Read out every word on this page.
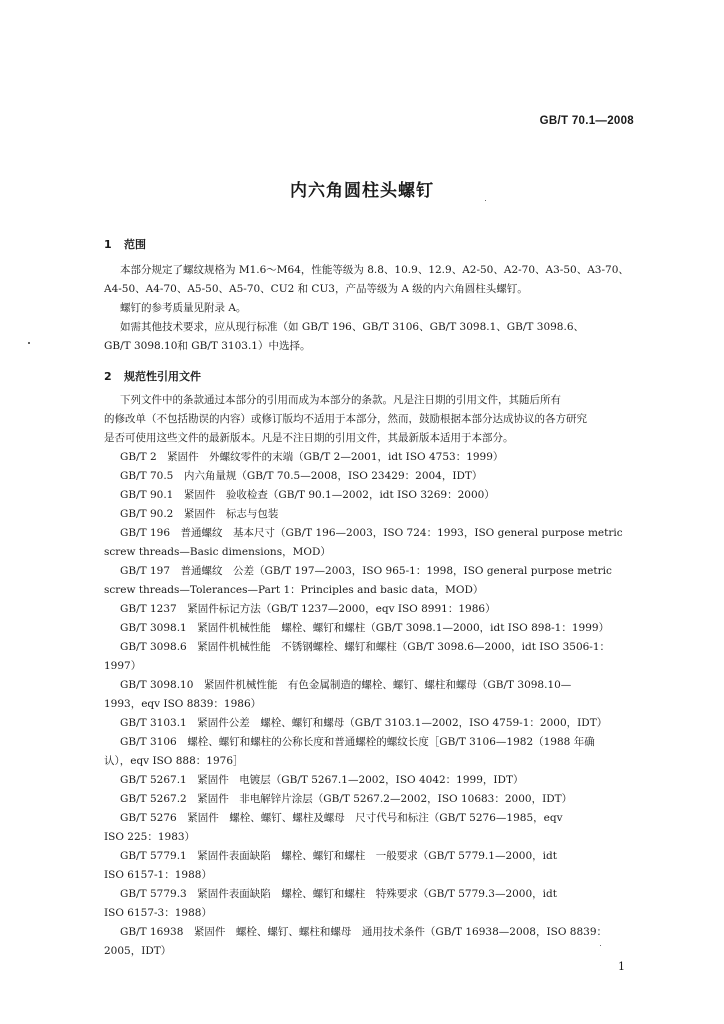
GB/T 70.1—2008
内六角圆柱头螺钉
1 范围
本部分规定了螺纹规格为 M1.6～M64，性能等级为 8.8、10.9、12.9、A2-50、A2-70、A3-50、A3-70、
A4-50、A4-70、A5-50、A5-70、CU2 和 CU3，产品等级为 A 级的内六角圆柱头螺钉。
螺钉的参考质量见附录 A。
如需其他技术要求，应从现行标准（如 GB/T 196、GB/T 3106、GB/T 3098.1、GB/T 3098.6、
GB/T 3098.10和 GB/T 3103.1）中选择。
2 规范性引用文件
下列文件中的条款通过本部分的引用而成为本部分的条款。凡是注日期的引用文件，其随后所有
的修改单（不包括勘误的内容）或修订版均不适用于本部分，然而，鼓励根据本部分达成协议的各方研究
是否可使用这些文件的最新版本。凡是不注日期的引用文件，其最新版本适用于本部分。
GB/T 2　紧固件　外螺纹零件的末端（GB/T 2—2001，idt ISO 4753：1999）
GB/T 70.5　内六角量规（GB/T 70.5—2008，ISO 23429：2004，IDT）
GB/T 90.1　紧固件　验收检查（GB/T 90.1—2002，idt ISO 3269：2000）
GB/T 90.2　紧固件　标志与包装
GB/T 196　普通螺纹　基本尺寸（GB/T 196—2003，ISO 724：1993，ISO general purpose metric
screw threads—Basic dimensions，MOD）
GB/T 197　普通螺纹　公差（GB/T 197—2003，ISO 965-1：1998，ISO general purpose metric
screw threads—Tolerances—Part 1：Principles and basic data，MOD）
GB/T 1237　紧固件标记方法（GB/T 1237—2000，eqv ISO 8991：1986）
GB/T 3098.1　紧固件机械性能　螺栓、螺钉和螺柱（GB/T 3098.1—2000，idt ISO 898-1：1999）
GB/T 3098.6　紧固件机械性能　不锈钢螺栓、螺钉和螺柱（GB/T 3098.6—2000，idt ISO 3506-1：
1997）
GB/T 3098.10　紧固件机械性能　有色金属制造的螺栓、螺钉、螺柱和螺母（GB/T 3098.10—
1993，eqv ISO 8839：1986）
GB/T 3103.1　紧固件公差　螺栓、螺钉和螺母（GB/T 3103.1—2002，ISO 4759-1：2000，IDT）
GB/T 3106　螺栓、螺钉和螺柱的公称长度和普通螺栓的螺纹长度［GB/T 3106—1982（1988 年确
认），eqv ISO 888：1976］
GB/T 5267.1　紧固件　电镀层（GB/T 5267.1—2002，ISO 4042：1999，IDT）
GB/T 5267.2　紧固件　非电解锌片涂层（GB/T 5267.2—2002，ISO 10683：2000，IDT）
GB/T 5276　紧固件　螺栓、螺钉、螺柱及螺母　尺寸代号和标注（GB/T 5276—1985，eqv
ISO 225：1983）
GB/T 5779.1　紧固件表面缺陷　螺栓、螺钉和螺柱　一般要求（GB/T 5779.1—2000，idt
ISO 6157-1：1988）
GB/T 5779.3　紧固件表面缺陷　螺栓、螺钉和螺柱　特殊要求（GB/T 5779.3—2000，idt
ISO 6157-3：1988）
GB/T 16938　紧固件　螺栓、螺钉、螺柱和螺母　通用技术条件（GB/T 16938—2008，ISO 8839：
2005，IDT）
1
